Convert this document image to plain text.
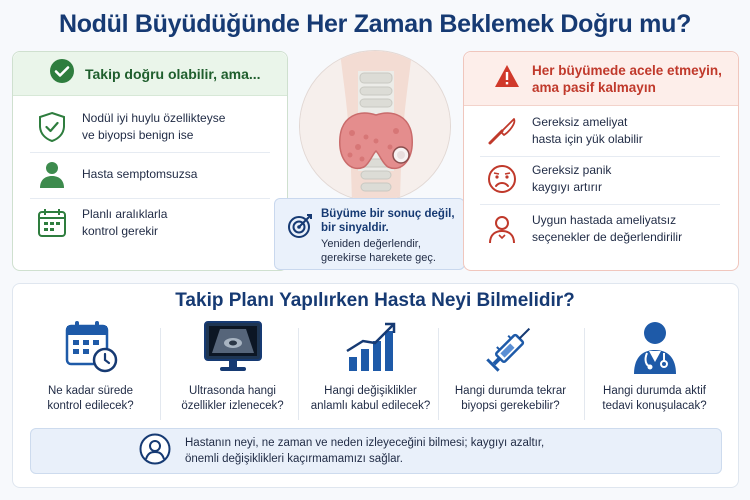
Nodül Büyüdüğünde Her Zaman Beklemek Doğru mu?
Takip doğru olabilir, ama...
Nodül iyi huylu özellikteyse
ve biyopsi benign ise
Hasta semptomsuzsa
Planlı aralıklarla
kontrol gerekir
Büyüme bir sonuç değil,
bir sinyaldir.
Yeniden değerlendir,
gerekirse harekete geç.
Her büyümede acele etmeyin,
ama pasif kalmayın
Gereksiz ameliyat
hasta için yük olabilir
Gereksiz panik
kaygıyı artırır
Uygun hastada ameliyatsız
seçenekler de değerlendirilir
Takip Planı Yapılırken Hasta Neyi Bilmelidir?
Ne kadar sürede
kontrol edilecek?
Ultrasonda hangi
özellikler izlenecek?
Hangi değişiklikler
anlamlı kabul edilecek?
Hangi durumda tekrar
biyopsi gerekebilir?
Hangi durumda aktif
tedavi konuşulacak?
Hastanın neyi, ne zaman ve neden izleyeceğini bilmesi; kaygıyı azaltır,
önemli değişiklikleri kaçırmamamızı sağlar.
